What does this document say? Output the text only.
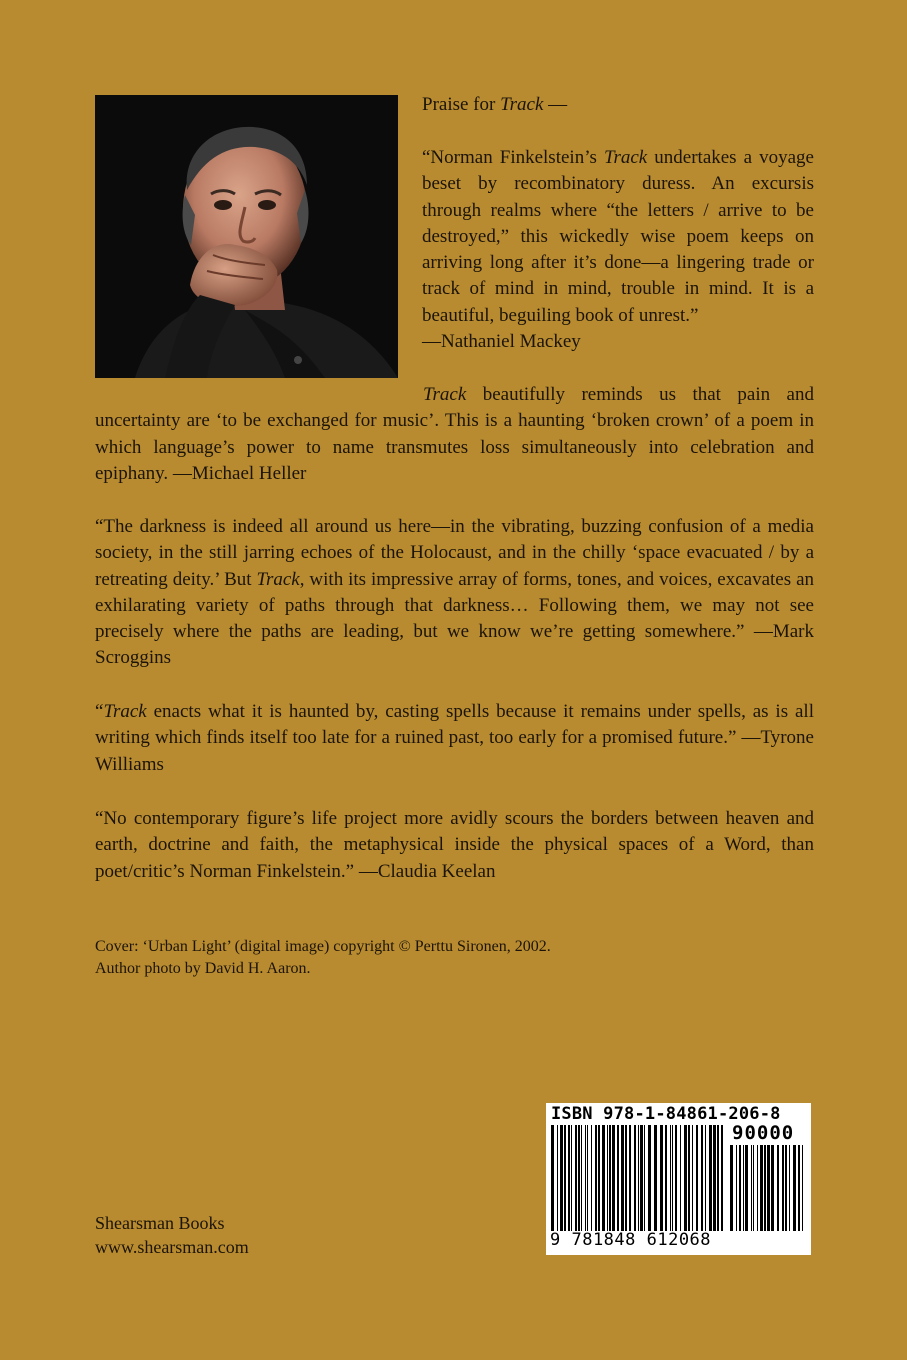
Praise for Track —

“Norman Finkelstein’s Track undertakes a voyage beset by recombinatory duress. An excursis through realms where “the letters / arrive to be destroyed,” this wickedly wise poem keeps on arriving long after it’s done—a lingering trade or track of mind in mind, trouble in mind. It is a beautiful, beguiling book of unrest.”

—Nathaniel Mackey

Track beautifully reminds us that pain and uncertainty are ‘to be exchanged for music’. This is a haunting ‘broken crown’ of a poem in which language’s power to name transmutes loss simultaneously into celebration and epiphany. —Michael Heller

“The darkness is indeed all around us here—in the vibrating, buzzing confusion of a media society, in the still jarring echoes of the Holocaust, and in the chilly ‘space evacuated / by a retreating deity.’ But Track, with its impressive array of forms, tones, and voices, excavates an exhilarating variety of paths through that darkness… Following them, we may not see precisely where the paths are leading, but we know we’re getting somewhere.” —Mark Scroggins

“Track enacts what it is haunted by, casting spells because it remains under spells, as is all writing which finds itself too late for a ruined past, too early for a promised future.” —Tyrone Williams

“No contemporary figure’s life project more avidly scours the borders between heaven and earth, doctrine and faith, the metaphysical inside the physical spaces of a Word, than poet/critic’s Norman Finkelstein.” —Claudia Keelan

Cover: ‘Urban Light’ (digital image) copyright © Perttu Sironen, 2002.
Author photo by David H. Aaron.
Shearsman Books
www.shearsman.com
ISBN 978-1-84861-206-8
90000
9 781848 612068
